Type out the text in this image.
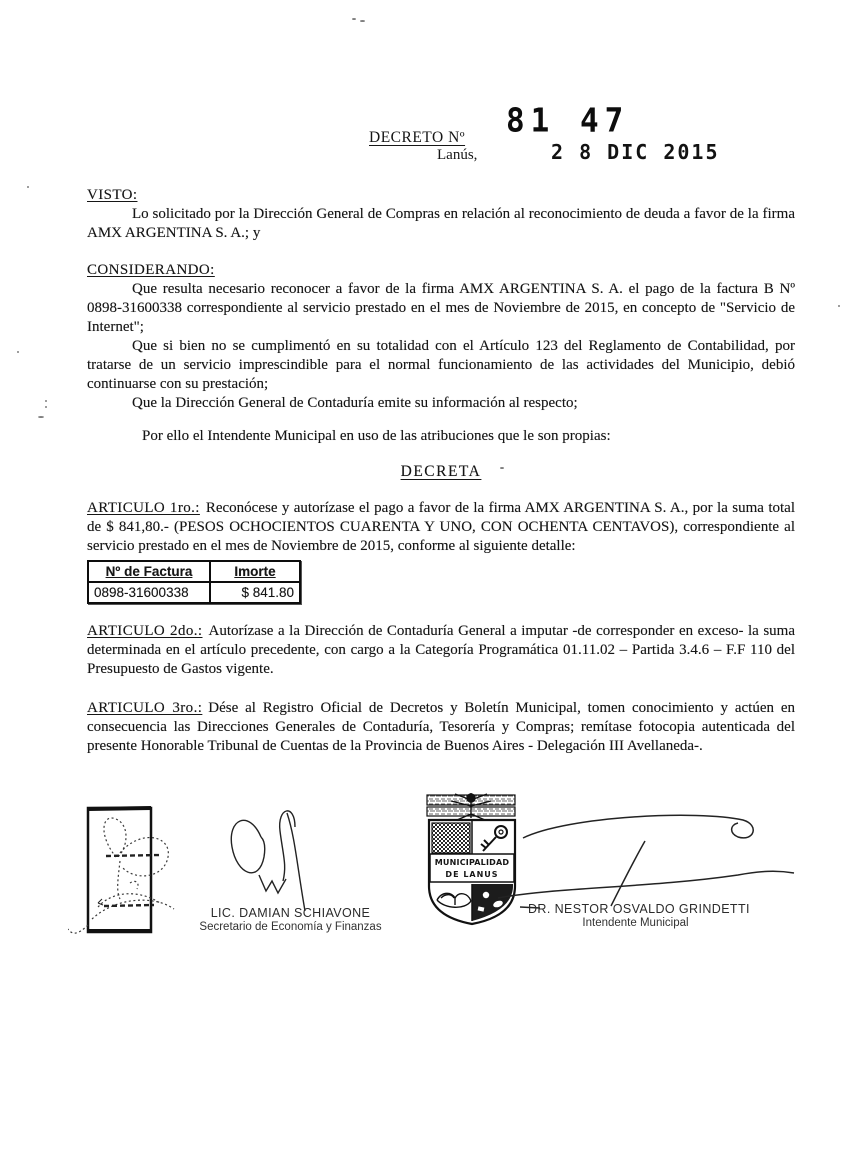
DECRETO Nº 81 47
Lanús,	2 8 DIC 2015
VISTO:

Lo solicitado por la Dirección General de Compras en relación al reconocimiento de deuda a favor de la firma AMX ARGENTINA S. A.; y

CONSIDERANDO:

Que resulta necesario reconocer a favor de la firma AMX ARGENTINA S. A. el pago de la factura B Nº 0898-31600338 correspondiente al servicio prestado en el mes de Noviembre de 2015, en concepto de "Servicio de Internet";

Que si bien no se cumplimentó en su totalidad con el Artículo 123 del Reglamento de Contabilidad, por tratarse de un servicio imprescindible para el normal funcionamiento de las actividades del Municipio, debió continuarse con su prestación;

Que la Dirección General de Contaduría emite su información al respecto;

Por ello el Intendente Municipal en uso de las atribuciones que le son propias:

DECRETA

ARTICULO 1ro.: Reconócese y autorízase el pago a favor de la firma AMX ARGENTINA S. A., por la suma total de $ 841,80.- (PESOS OCHOCIENTOS CUARENTA Y UNO, CON OCHENTA CENTAVOS), correspondiente al servicio prestado en el mes de Noviembre de 2015, conforme al siguiente detalle:

Nº de Factura	Imorte
0898-31600338	$ 841.80

ARTICULO 2do.: Autorízase a la Dirección de Contaduría General a imputar -de corresponder en exceso- la suma determinada en el artículo precedente, con cargo a la Categoría Programática 01.11.02 – Partida 3.4.6 – F.F 110 del Presupuesto de Gastos vigente.

ARTICULO 3ro.: Dése al Registro Oficial de Decretos y Boletín Municipal, tomen conocimiento y actúen en consecuencia las Direcciones Generales de Contaduría, Tesorería y Compras; remítase fotocopia autenticada del presente Honorable Tribunal de Cuentas de la Provincia de Buenos Aires - Delegación III Avellaneda-.

LIC. DAMIAN SCHIAVONE
Secretario de Economía y Finanzas
MUNICIPALIDAD
DE LANUS
DR. NESTOR OSVALDO GRINDETTI
Intendente Municipal
